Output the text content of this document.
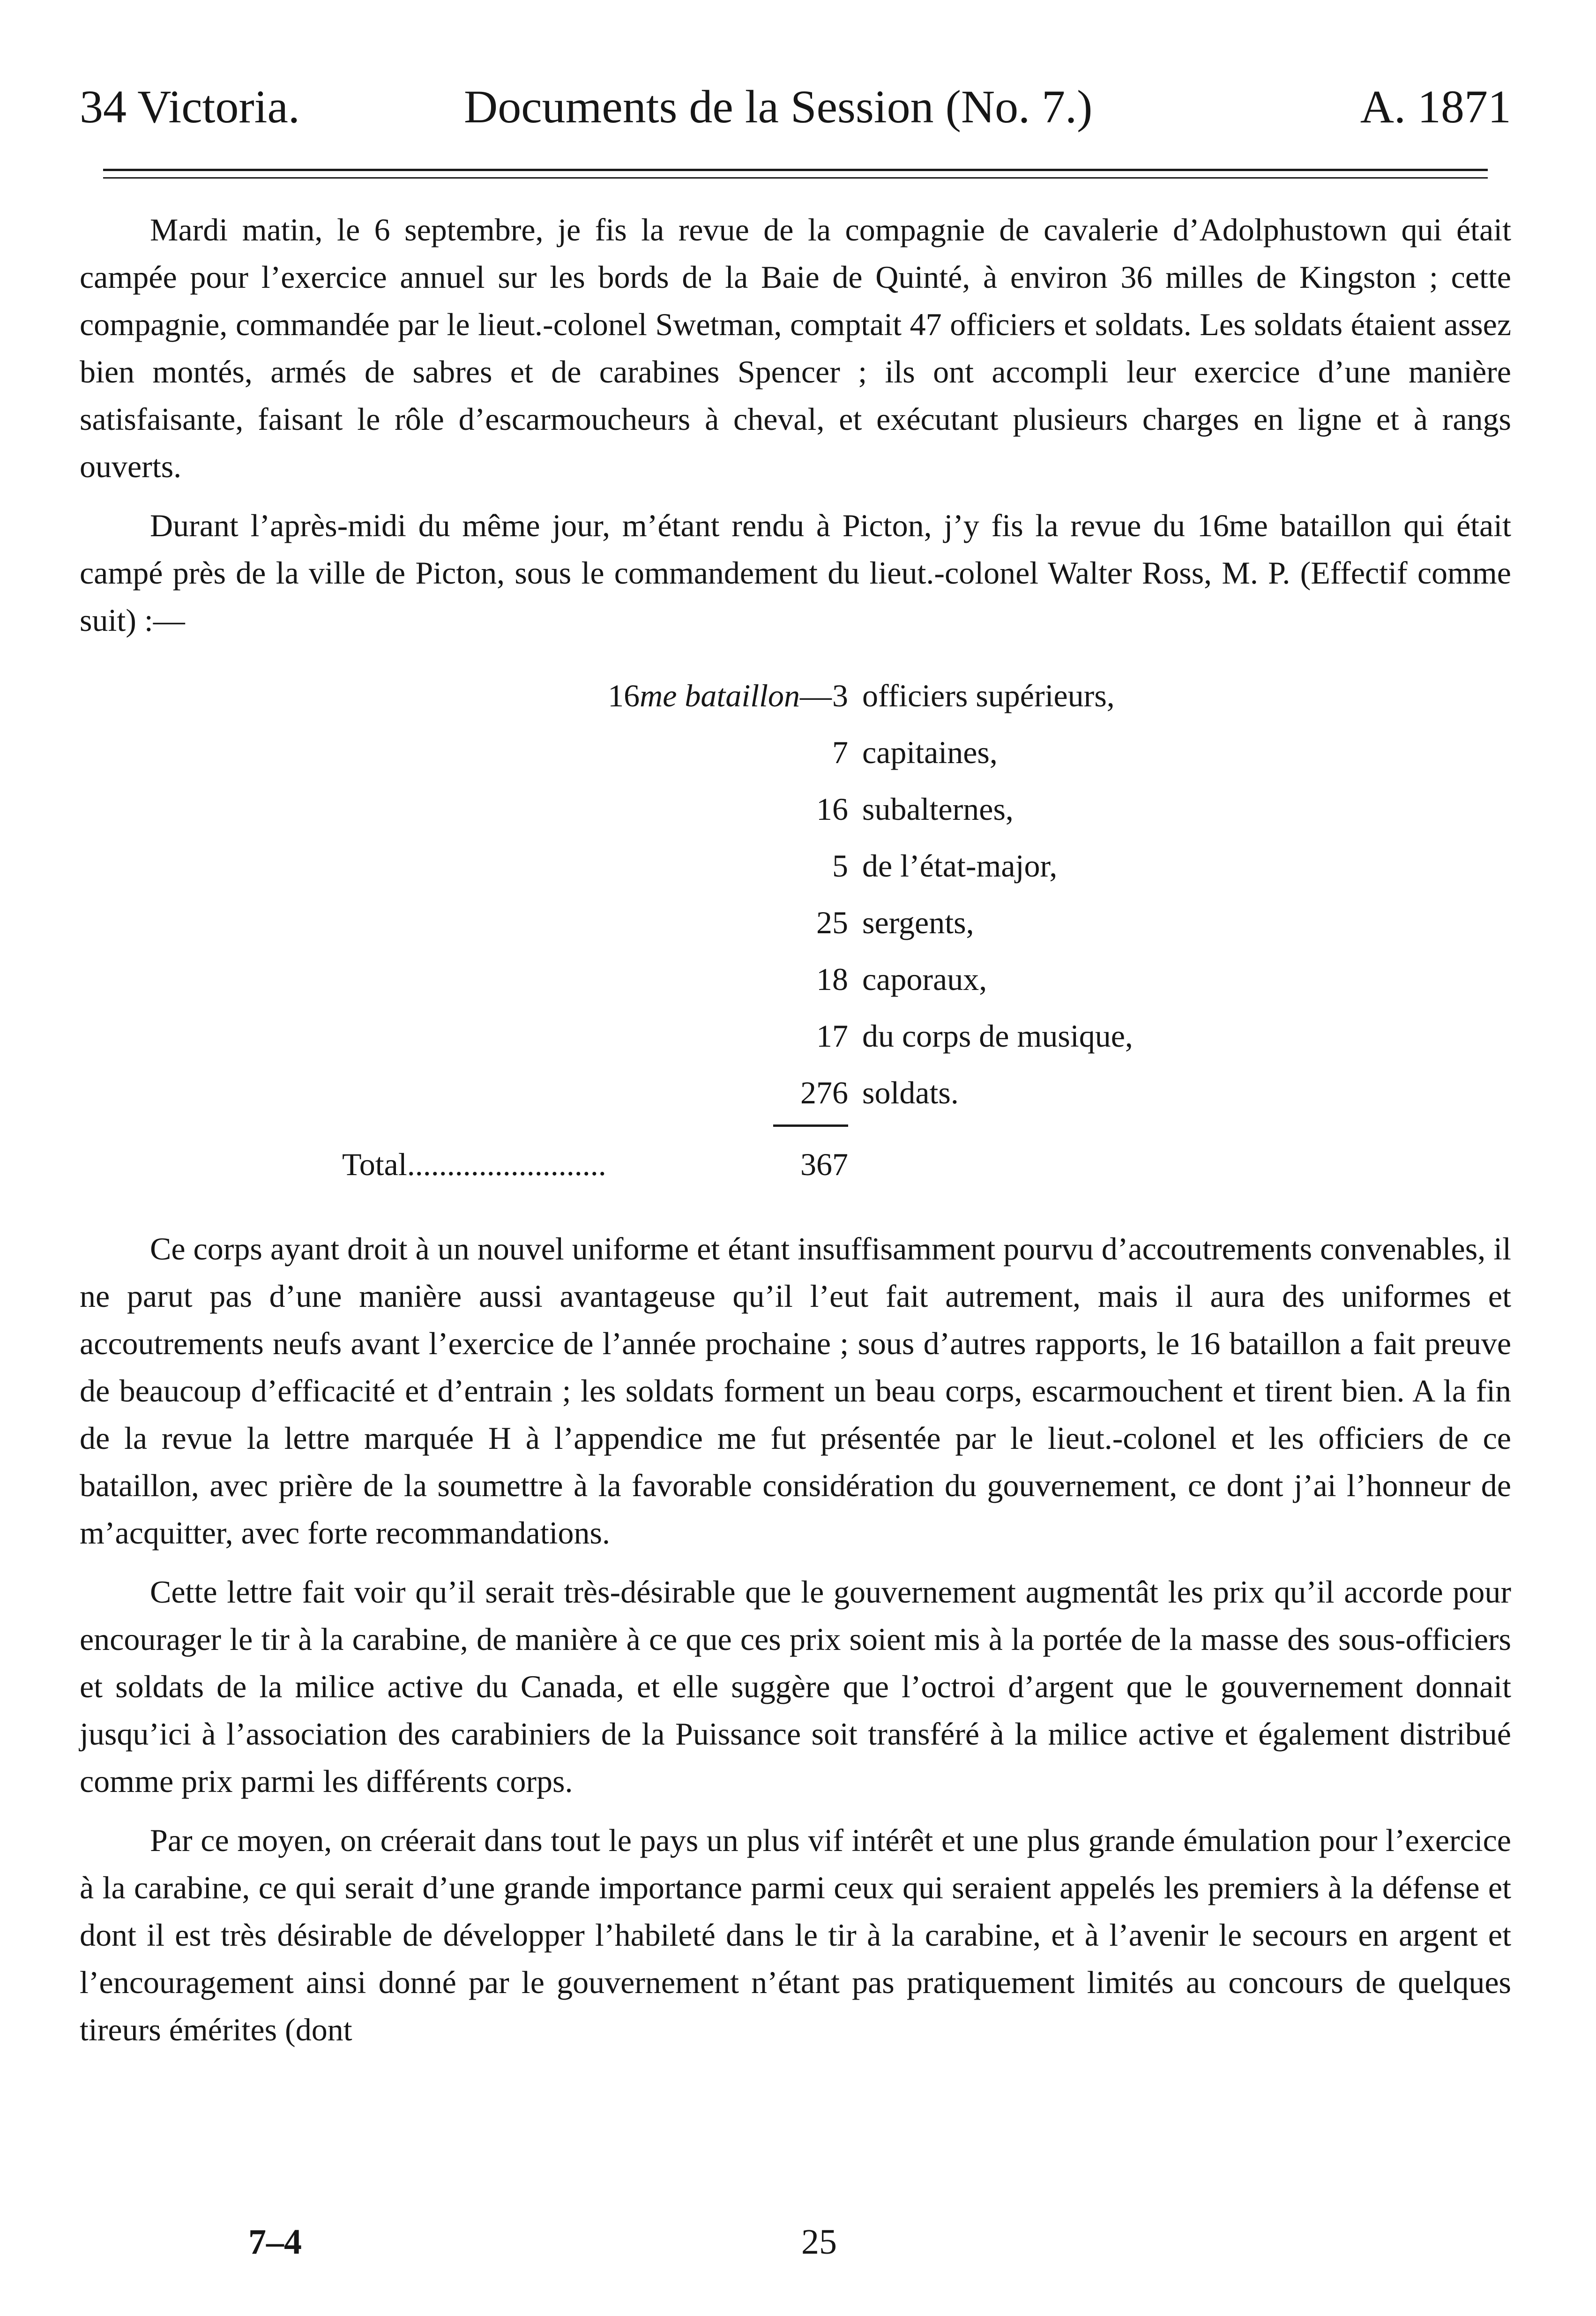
34 Victoria.	Documents de la Session (No. 7.)	A. 1871

Mardi matin, le 6 septembre, je fis la revue de la compagnie de cavalerie d’Adolphustown qui était campée pour l’exercice annuel sur les bords de la Baie de Quinté, à environ 36 milles de Kingston ; cette compagnie, commandée par le lieut.-colonel Swetman, comptait 47 officiers et soldats. Les soldats étaient assez bien montés, armés de sabres et de carabines Spencer ; ils ont accompli leur exercice d’une manière satisfaisante, faisant le rôle d’escarmoucheurs à cheval, et exécutant plusieurs charges en ligne et à rangs ouverts.

Durant l’après-midi du même jour, m’étant rendu à Picton, j’y fis la revue du 16me bataillon qui était campé près de la ville de Picton, sous le commandement du lieut.-colonel Walter Ross, M. P. (Effectif comme suit) :—

16me bataillon— 3 officiers supérieurs,
7 capitaines,
16 subalternes,
5 de l’état-major,
25 sergents,
18 caporaux,
17 du corps de musique,
276 soldats.
Total.........................	367

Ce corps ayant droit à un nouvel uniforme et étant insuffisamment pourvu d’accoutrements convenables, il ne parut pas d’une manière aussi avantageuse qu’il l’eut fait autrement, mais il aura des uniformes et accoutrements neufs avant l’exercice de l’année prochaine ; sous d’autres rapports, le 16 bataillon a fait preuve de beaucoup d’efficacité et d’entrain ; les soldats forment un beau corps, escarmouchent et tirent bien. A la fin de la revue la lettre marquée H à l’appendice me fut présentée par le lieut.-colonel et les officiers de ce bataillon, avec prière de la soumettre à la favorable considération du gouvernement, ce dont j’ai l’honneur de m’acquitter, avec forte recommandations.

Cette lettre fait voir qu’il serait très-désirable que le gouvernement augmentât les prix qu’il accorde pour encourager le tir à la carabine, de manière à ce que ces prix soient mis à la portée de la masse des sous-officiers et soldats de la milice active du Canada, et elle suggère que l’octroi d’argent que le gouvernement donnait jusqu’ici à l’association des carabiniers de la Puissance soit transféré à la milice active et également distribué comme prix parmi les différents corps.

Par ce moyen, on créerait dans tout le pays un plus vif intérêt et une plus grande émulation pour l’exercice à la carabine, ce qui serait d’une grande importance parmi ceux qui seraient appelés les premiers à la défense et dont il est très désirable de développer l’habileté dans le tir à la carabine, et à l’avenir le secours en argent et l’encouragement ainsi donné par le gouvernement n’étant pas pratiquement limités au concours de quelques tireurs émérites (dont

7–4	25
